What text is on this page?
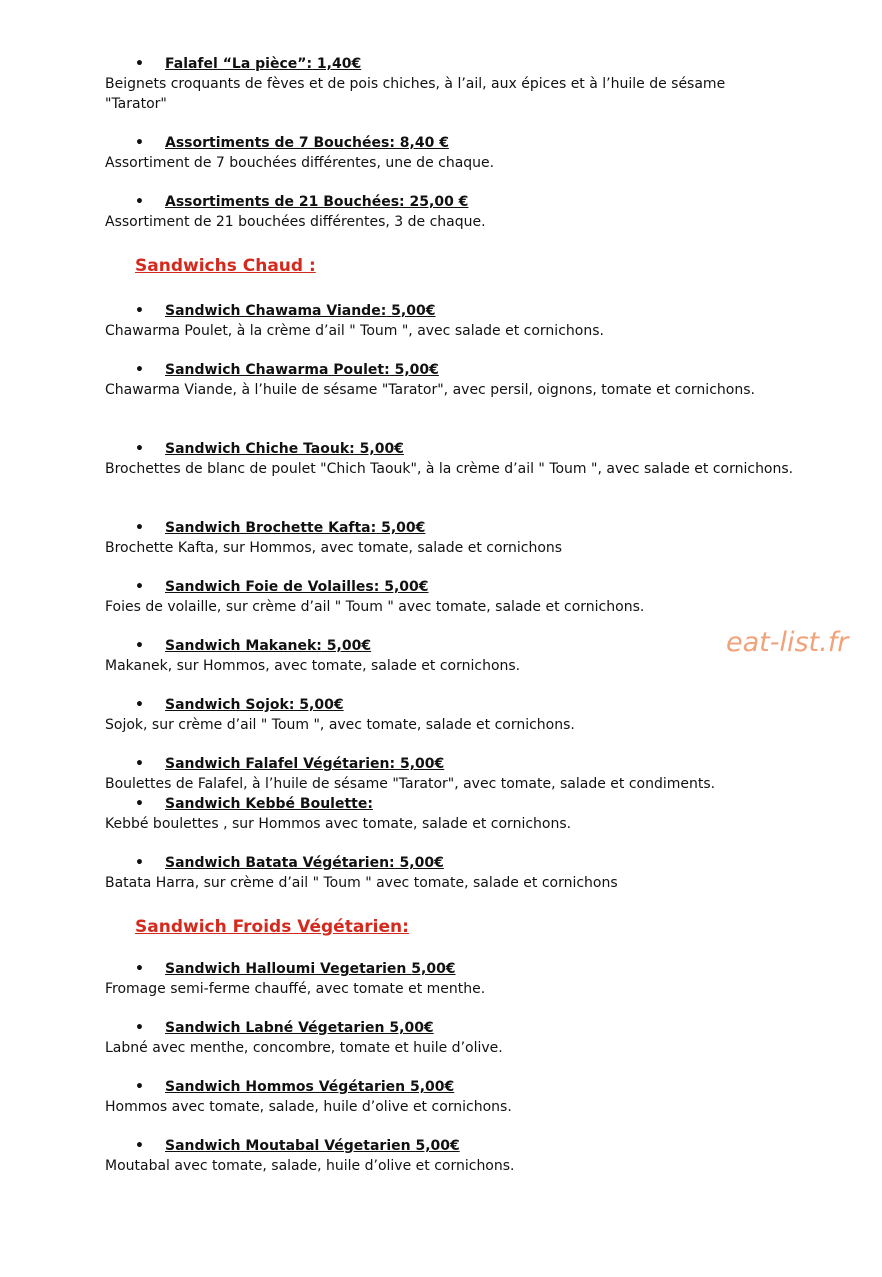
• Falafel “La pièce”: 1,40€
Beignets croquants de fèves et de pois chiches, à l’ail, aux épices et à l’huile de sésame
"Tarator"
• Assortiments de 7 Bouchées: 8,40 €
Assortiment de 7 bouchées différentes, une de chaque.
• Assortiments de 21 Bouchées: 25,00 €
Assortiment de 21 bouchées différentes, 3 de chaque.
Sandwichs Chaud :
• Sandwich Chawama Viande: 5,00€
Chawarma Poulet, à la crème d’ail " Toum ", avec salade et cornichons.
• Sandwich Chawarma Poulet: 5,00€
Chawarma Viande, à l’huile de sésame "Tarator", avec persil, oignons, tomate et cornichons.
• Sandwich Chiche Taouk: 5,00€
Brochettes de blanc de poulet "Chich Taouk", à la crème d’ail " Toum ", avec salade et cornichons.
• Sandwich Brochette Kafta: 5,00€
Brochette Kafta, sur Hommos, avec tomate, salade et cornichons
• Sandwich Foie de Volailles: 5,00€
Foies de volaille, sur crème d’ail " Toum " avec tomate, salade et cornichons.
• Sandwich Makanek: 5,00€
Makanek, sur Hommos, avec tomate, salade et cornichons.
• Sandwich Sojok: 5,00€
Sojok, sur crème d’ail " Toum ", avec tomate, salade et cornichons.
• Sandwich Falafel Végétarien: 5,00€
Boulettes de Falafel, à l’huile de sésame "Tarator", avec tomate, salade et condiments.
• Sandwich Kebbé Boulette:
Kebbé boulettes , sur Hommos avec tomate, salade et cornichons.
• Sandwich Batata Végétarien: 5,00€
Batata Harra, sur crème d’ail " Toum " avec tomate, salade et cornichons
Sandwich Froids Végétarien:
• Sandwich Halloumi Vegetarien 5,00€
Fromage semi-ferme chauffé, avec tomate et menthe.
• Sandwich Labné Végetarien 5,00€
Labné avec menthe, concombre, tomate et huile d’olive.
• Sandwich Hommos Végétarien 5,00€
Hommos avec tomate, salade, huile d’olive et cornichons.
• Sandwich Moutabal Végetarien 5,00€
Moutabal avec tomate, salade, huile d’olive et cornichons.
eat-list.fr
